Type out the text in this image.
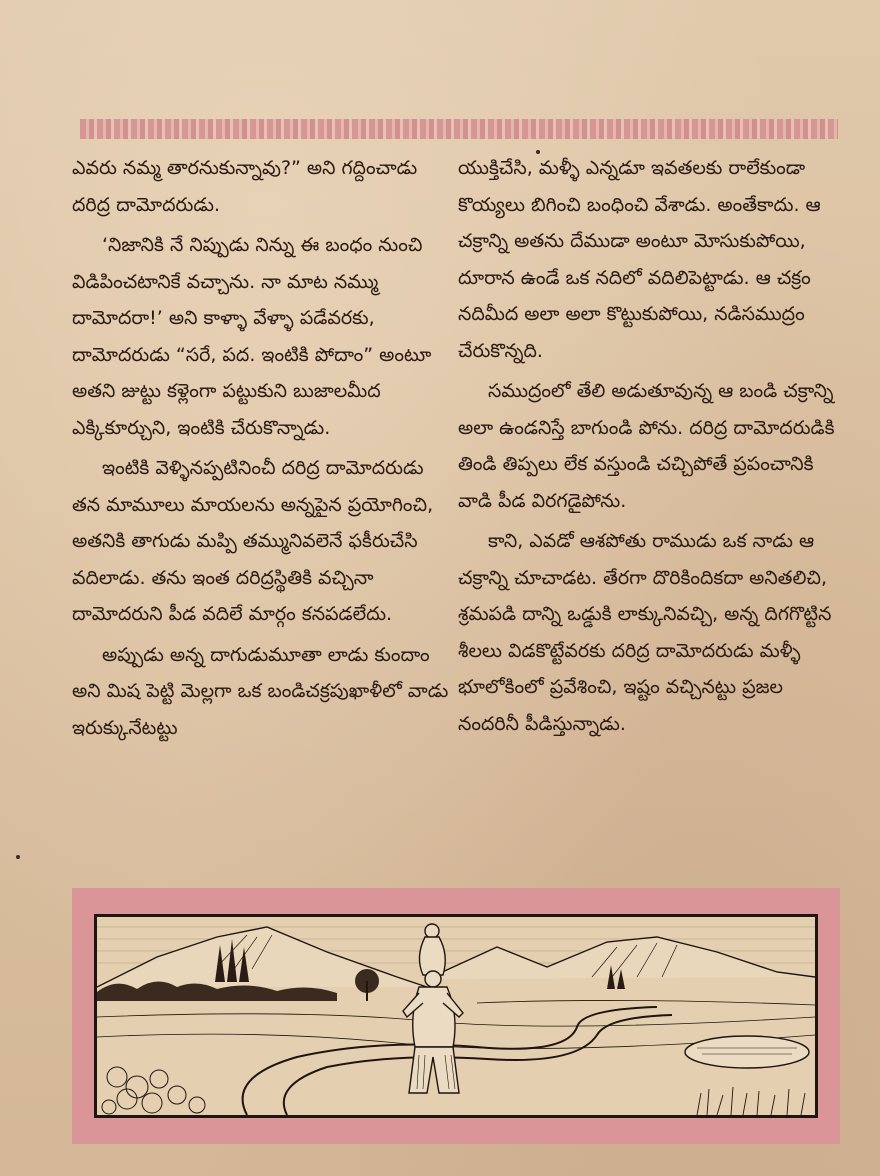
ఎవరు నమ్మ తారనుకున్నావు?” అని గద్దించాడు దరిద్ర దామోదరుడు.

‘నిజానికి నే నిప్పుడు నిన్ను ఈ బంధం నుంచి విడిపించటానికే వచ్చాను. నా మాట నమ్ము దామోదరా!’ అని కాళ్ళా వేళ్ళా పడేవరకు, దామోదరుడు “సరే, పద. ఇంటికి పోదాం” అంటూ అతని జుట్టు కళ్లెంగా పట్టుకుని బుజాలమీద ఎక్కికూర్చుని, ఇంటికి చేరుకొన్నాడు.

ఇంటికి వెళ్ళినప్పటినించీ దరిద్ర దామోదరుడు తన మామూలు మాయలను అన్నపైన ప్రయోగించి, అతనికి తాగుడు మప్పి తమ్మునివలెనే ఫకీరుచేసి వదిలాడు. తను ఇంత దరిద్రస్థితికి వచ్చినా దామోదరుని పీడ వదిలే మార్గం కనపడలేదు.

అప్పుడు అన్న దాగుడుమూతా లాడు కుందాం అని మిష పెట్టి మెల్లగా ఒక బండిచక్రపుఖాళీలో వాడు ఇరుక్కునేటట్టు

యుక్తిచేసి, మళ్ళీ ఎన్నడూ ఇవతలకు రాలేకుండా కొయ్యలు బిగించి బంధించి వేశాడు. అంతేకాదు. ఆ చక్రాన్ని అతను దేముడా అంటూ మోసుకుపోయి, దూరాన ఉండే ఒక నదిలో వదిలిపెట్టాడు. ఆ చక్రం నదిమీద అలా అలా కొట్టుకుపోయి, నడిసముద్రం చేరుకొన్నది.

సముద్రంలో తేలి అడుతూవున్న ఆ బండి చక్రాన్ని అలా ఉండనిస్తే బాగుండి పోను. దరిద్ర దామోదరుడికి తిండి తిప్పలు లేక వస్తుండి చచ్చిపోతే ప్రపంచానికి వాడి పీడ విరగడైపోను.

కాని, ఎవడో ఆశపోతు రాముడు ఒక నాడు ఆ చక్రాన్ని చూచాడట. తేరగా దొరికిందికదా అనితలిచి, శ్రమపడి దాన్ని ఒడ్డుకి లాక్కునివచ్చి, అన్న దిగగొట్టిన శీలలు విడకొట్టేవరకు దరిద్ర దామోదరుడు మళ్ళీ భూలోకింలో ప్రవేశించి, ఇష్టం వచ్చినట్టు ప్రజల నందరినీ పీడిస్తున్నాడు.
